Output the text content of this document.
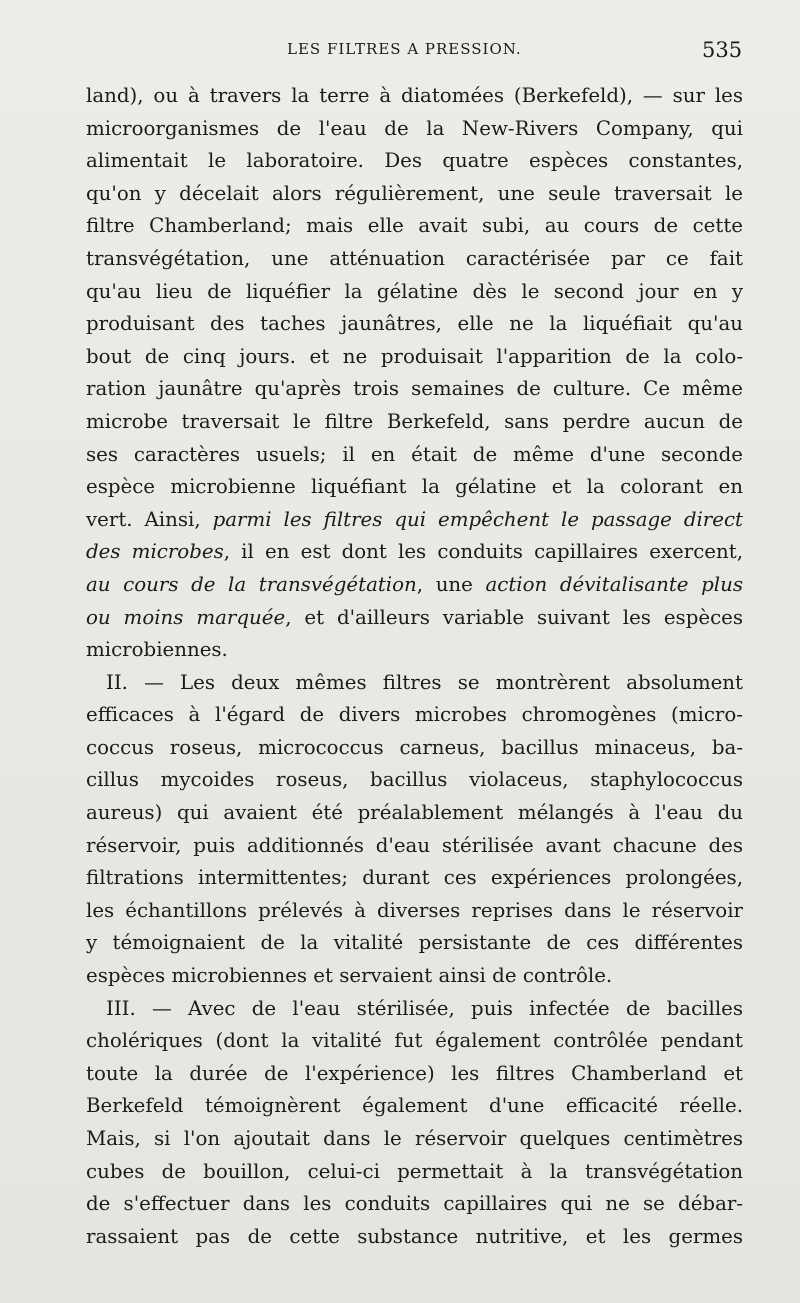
LES FILTRES A PRESSION.	535
land), ou à travers la terre à diatomées (Berkefeld), — sur les
microorganismes de l'eau de la New-Rivers Company, qui
alimentait le laboratoire. Des quatre espèces constantes,
qu'on y décelait alors régulièrement, une seule traversait le
filtre Chamberland; mais elle avait subi, au cours de cette
transvégétation, une atténuation caractérisée par ce fait
qu'au lieu de liquéfier la gélatine dès le second jour en y
produisant des taches jaunâtres, elle ne la liquéfiait qu'au
bout de cinq jours. et ne produisait l'apparition de la colo-
ration jaunâtre qu'après trois semaines de culture. Ce même
microbe traversait le filtre Berkefeld, sans perdre aucun de
ses caractères usuels; il en était de même d'une seconde
espèce microbienne liquéfiant la gélatine et la colorant en
vert. Ainsi, parmi les filtres qui empêchent le passage direct
des microbes, il en est dont les conduits capillaires exercent,
au cours de la transvégétation, une action dévitalisante plus
ou moins marquée, et d'ailleurs variable suivant les espèces
microbiennes.
II. — Les deux mêmes filtres se montrèrent absolument
efficaces à l'égard de divers microbes chromogènes (micro-
coccus roseus, micrococcus carneus, bacillus minaceus, ba-
cillus mycoides roseus, bacillus violaceus, staphylococcus
aureus) qui avaient été préalablement mélangés à l'eau du
réservoir, puis additionnés d'eau stérilisée avant chacune des
filtrations intermittentes; durant ces expériences prolongées,
les échantillons prélevés à diverses reprises dans le réservoir
y témoignaient de la vitalité persistante de ces différentes
espèces microbiennes et servaient ainsi de contrôle.
III. — Avec de l'eau stérilisée, puis infectée de bacilles
cholériques (dont la vitalité fut également contrôlée pendant
toute la durée de l'expérience) les filtres Chamberland et
Berkefeld témoignèrent également d'une efficacité réelle.
Mais, si l'on ajoutait dans le réservoir quelques centimètres
cubes de bouillon, celui-ci permettait à la transvégétation
de s'effectuer dans les conduits capillaires qui ne se débar-
rassaient pas de cette substance nutritive, et les germes
